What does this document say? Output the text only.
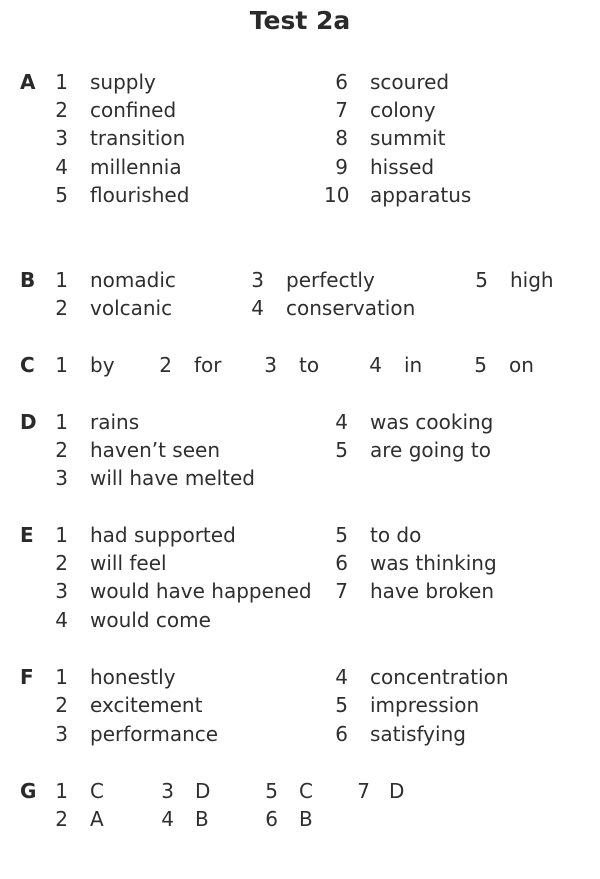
Test 2a
A 1 supply
2 confined
3 transition
4 millennia
5 flourished
6 scoured
7 colony
8 summit
9 hissed
10 apparatus
B	1 nomadic
2 volcanic
3 perfectly
4 conservation
5 high
C	1 by	2 for	3 to	4 in	5 on
D 1 rains
2 haven’t seen
3 will have melted
4 was cooking
5 are going to
E	1 had supported
2 will feel
3 would have happened
4 would come
5 to do
6 was thinking
7 have broken
F	1 honestly
2 excitement
3 performance
4 concentration
5 impression
6 satisfying
G 1 C
2 A
3 D
4 B
5 C
6 B
7 D
